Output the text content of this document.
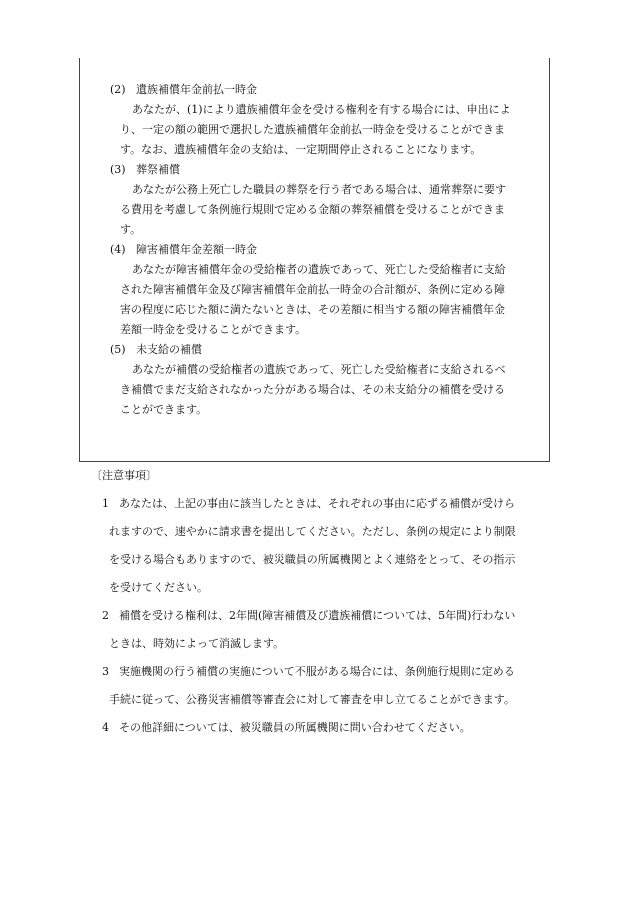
(2) 遺族補償年金前払一時金
あなたが、(1)により遺族補償年金を受ける権利を有する場合には、申出によ
り、一定の額の範囲で選択した遺族補償年金前払一時金を受けることができま
す。なお、遺族補償年金の支給は、一定期間停止されることになります。
(3) 葬祭補償
あなたが公務上死亡した職員の葬祭を行う者である場合は、通常葬祭に要す
る費用を考慮して条例施行規則で定める金額の葬祭補償を受けることができま
す。
(4) 障害補償年金差額一時金
あなたが障害補償年金の受給権者の遺族であって、死亡した受給権者に支給
された障害補償年金及び障害補償年金前払一時金の合計額が、条例に定める障
害の程度に応じた額に満たないときは、その差額に相当する額の障害補償年金
差額一時金を受けることができます。
(5) 未支給の補償
あなたが補償の受給権者の遺族であって、死亡した受給権者に支給されるべ
き補償でまだ支給されなかった分がある場合は、その未支給分の補償を受ける
ことができます。
〔注意事項〕
1 あなたは、上記の事由に該当したときは、それぞれの事由に応ずる補償が受けら
れますので、速やかに請求書を提出してください。ただし、条例の規定により制限
を受ける場合もありますので、被災職員の所属機関とよく連絡をとって、その指示
を受けてください。
2 補償を受ける権利は、2年間(障害補償及び遺族補償については、5年間)行わない
ときは、時効によって消滅します。
3 実施機関の行う補償の実施について不服がある場合には、条例施行規則に定める
手続に従って、公務災害補償等審査会に対して審査を申し立てることができます。
4 その他詳細については、被災職員の所属機関に問い合わせてください。
